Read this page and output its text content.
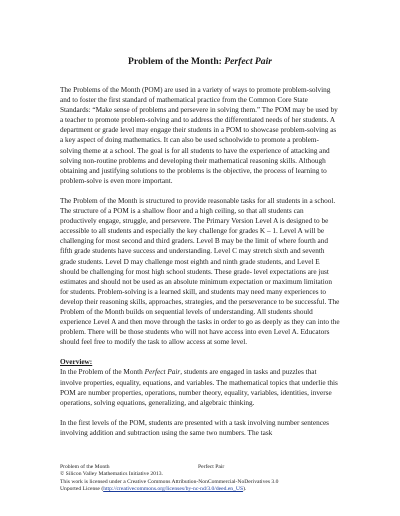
Problem of the Month: Perfect Pair

The Problems of the Month (POM) are used in a variety of ways to promote problem-solving and to foster the first standard of mathematical practice from the Common Core State Standards: “Make sense of problems and persevere in solving them.” The POM may be used by a teacher to promote problem-solving and to address the differentiated needs of her students. A department or grade level may engage their students in a POM to showcase problem-solving as a key aspect of doing mathematics. It can also be used schoolwide to promote a problem-solving theme at a school. The goal is for all students to have the experience of attacking and solving non-routine problems and developing their mathematical reasoning skills. Although obtaining and justifying solutions to the problems is the objective, the process of learning to problem-solve is even more important.

The Problem of the Month is structured to provide reasonable tasks for all students in a school. The structure of a POM is a shallow floor and a high ceiling, so that all students can productively engage, struggle, and persevere. The Primary Version Level A is designed to be accessible to all students and especially the key challenge for grades K – 1. Level A will be challenging for most second and third graders. Level B may be the limit of where fourth and fifth grade students have success and understanding. Level C may stretch sixth and seventh grade students. Level D may challenge most eighth and ninth grade students, and Level E should be challenging for most high school students. These grade- level expectations are just estimates and should not be used as an absolute minimum expectation or maximum limitation for students. Problem-solving is a learned skill, and students may need many experiences to develop their reasoning skills, approaches, strategies, and the perseverance to be successful. The Problem of the Month builds on sequential levels of understanding. All students should experience Level A and then move through the tasks in order to go as deeply as they can into the problem. There will be those students who will not have access into even Level A. Educators should feel free to modify the task to allow access at some level.

Overview:

In the Problem of the Month Perfect Pair, students are engaged in tasks and puzzles that involve properties, equality, equations, and variables. The mathematical topics that underlie this POM are number properties, operations, number theory, equality, variables, identities, inverse operations, solving equations, generalizing, and algebraic thinking.

In the first levels of the POM, students are presented with a task involving number sentences involving addition and subtraction using the same two numbers. The task

Problem of the Month	Perfect Pair
© Silicon Valley Mathematics Initiative 2013.
This work is licensed under a Creative Commons Attribution-NonCommercial-NoDerivatives 3.0
Unported License (http://creativecommons.org/licenses/by-nc-nd/3.0/deed.en_US).
